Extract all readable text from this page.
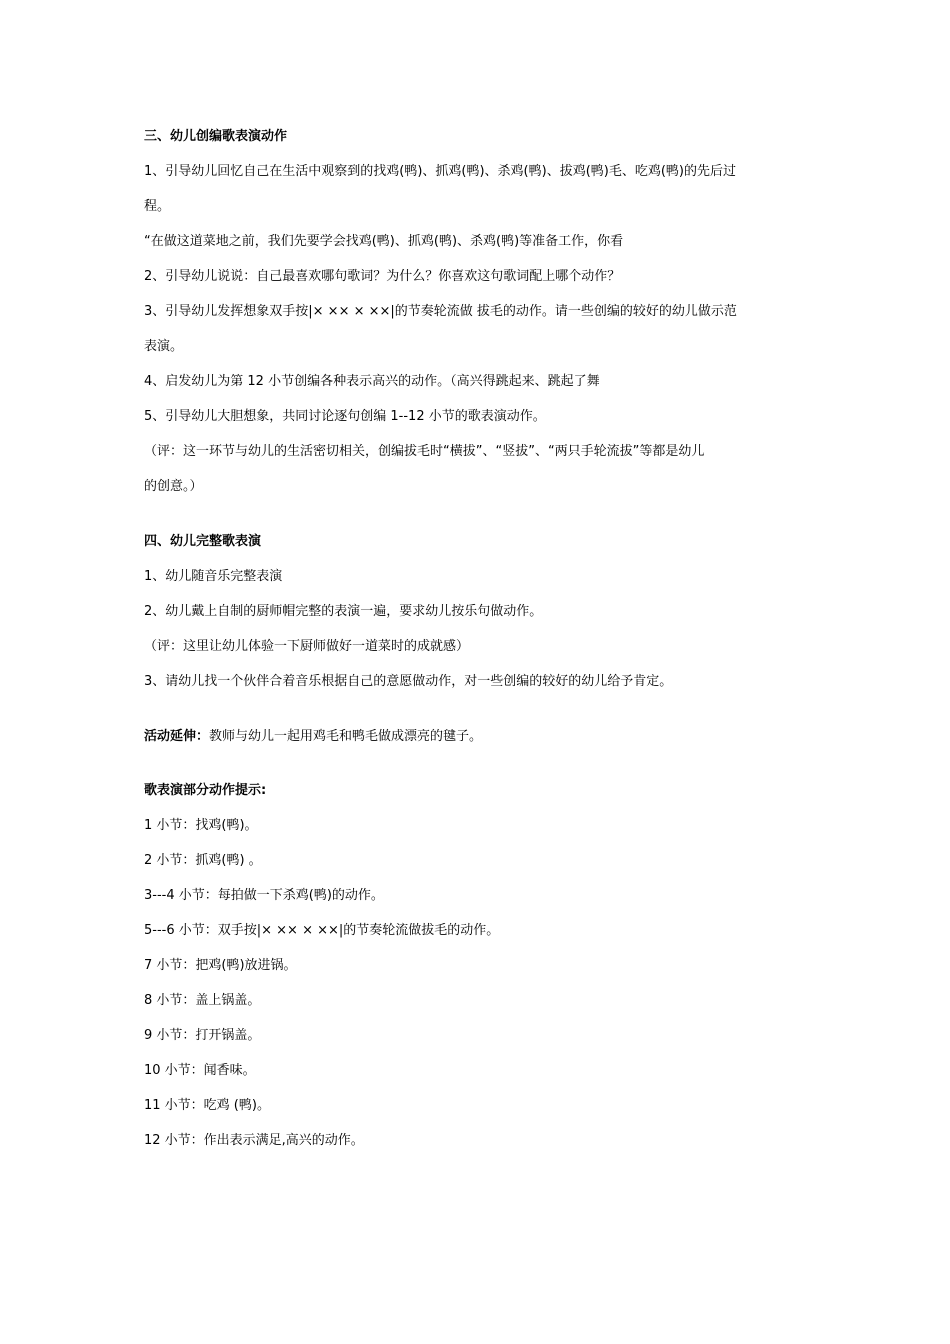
三、幼儿创编歌表演动作
1、引导幼儿回忆自己在生活中观察到的找鸡(鸭)、抓鸡(鸭)、杀鸡(鸭)、拔鸡(鸭)毛、吃鸡(鸭)的先后过
程。
“在做这道菜地之前，我们先要学会找鸡(鸭)、抓鸡(鸭)、杀鸡(鸭)等准备工作，你看
2、引导幼儿说说：自己最喜欢哪句歌词？为什么？你喜欢这句歌词配上哪个动作？
3、引导幼儿发挥想象双手按|× ×× × ××|的节奏轮流做 拔毛的动作。请一些创编的较好的幼儿做示范
表演。
4、启发幼儿为第 12 小节创编各种表示高兴的动作。（高兴得跳起来、跳起了舞
5、引导幼儿大胆想象，共同讨论逐句创编 1--12 小节的歌表演动作。
（评：这一环节与幼儿的生活密切相关，创编拔毛时“横拔”、“竖拔”、“两只手轮流拔”等都是幼儿
的创意。）
四、幼儿完整歌表演
1、幼儿随音乐完整表演
2、幼儿戴上自制的厨师帽完整的表演一遍，要求幼儿按乐句做动作。
（评：这里让幼儿体验一下厨师做好一道菜时的成就感）
3、请幼儿找一个伙伴合着音乐根据自己的意愿做动作，对一些创编的较好的幼儿给予肯定。
活动延伸：教师与幼儿一起用鸡毛和鸭毛做成漂亮的毽子。
歌表演部分动作提示:
1 小节：找鸡(鸭)。
2 小节：抓鸡(鸭) 。
3---4 小节：每拍做一下杀鸡(鸭)的动作。
5---6 小节：双手按|× ×× × ××|的节奏轮流做拔毛的动作。
7 小节：把鸡(鸭)放进锅。
8 小节：盖上锅盖。
9 小节：打开锅盖。
10 小节：闻香味。
11 小节：吃鸡 (鸭)。
12 小节：作出表示满足,高兴的动作。
